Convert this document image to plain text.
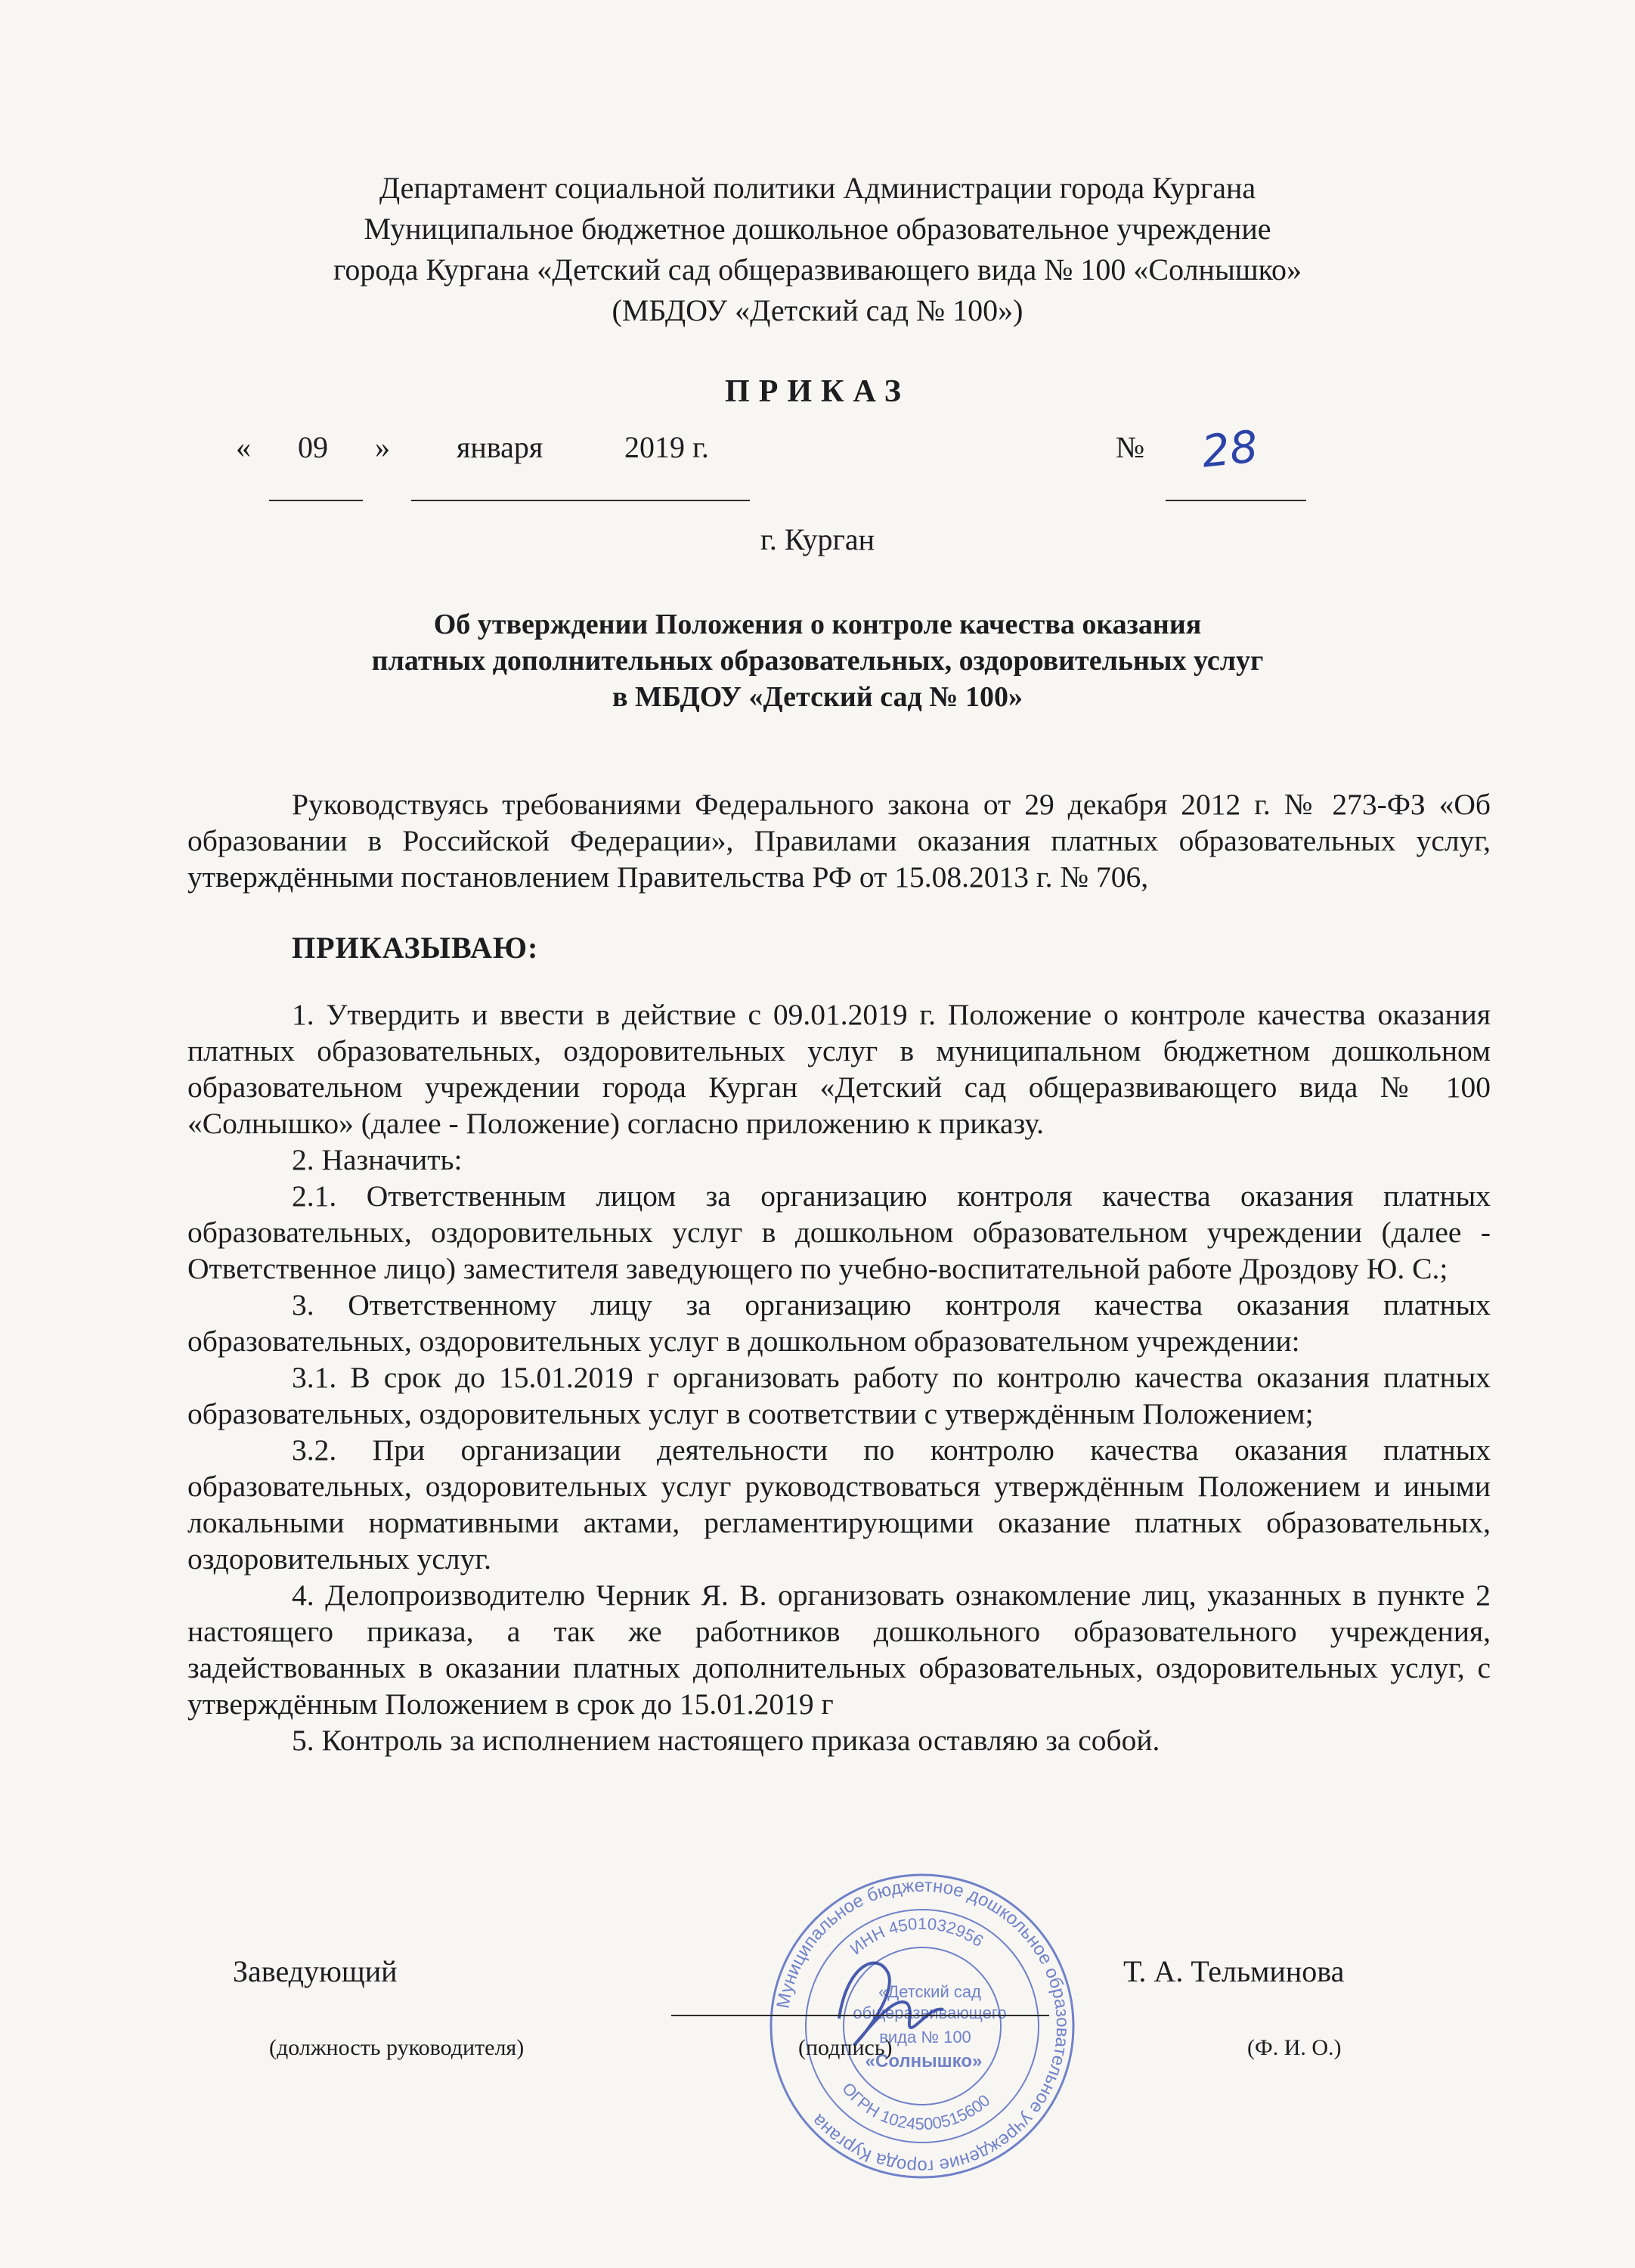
Департамент социальной политики Администрации города Кургана
Муниципальное бюджетное дошкольное образовательное учреждение
города Кургана «Детский сад общеразвивающего вида № 100 «Солнышко»
(МБДОУ «Детский сад № 100»)
ПРИКАЗ
« 09 » января	2019 г.	№ 28
г. Курган
Об утверждении Положения о контроле качества оказания
платных дополнительных образовательных, оздоровительных услуг
в МБДОУ «Детский сад № 100»

Руководствуясь требованиями Федерального закона от 29 декабря 2012 г. № 273-ФЗ «Об образовании в Российской Федерации», Правилами оказания платных образовательных услуг, утверждёнными постановлением Правительства РФ от 15.08.2013 г. № 706,

ПРИКАЗЫВАЮ:

1. Утвердить и ввести в действие с 09.01.2019 г. Положение о контроле качества оказания платных образовательных, оздоровительных услуг в муниципальном бюджетном дошкольном образовательном учреждении города Курган «Детский сад общеразвивающего вида № 100 «Солнышко» (далее - Положение) согласно приложению к приказу.

2. Назначить:

2.1. Ответственным лицом за организацию контроля качества оказания платных образовательных, оздоровительных услуг в дошкольном образовательном учреждении (далее - Ответственное лицо) заместителя заведующего по учебно-воспитательной работе Дроздову Ю. С.;

3. Ответственному лицу за организацию контроля качества оказания платных образовательных, оздоровительных услуг в дошкольном образовательном учреждении:

3.1. В срок до 15.01.2019 г организовать работу по контролю качества оказания платных образовательных, оздоровительных услуг в соответствии с утверждённым Положением;

3.2. При организации деятельности по контролю качества оказания платных образовательных, оздоровительных услуг руководствоваться утверждённым Положением и иными локальными нормативными актами, регламентирующими оказание платных образовательных, оздоровительных услуг.

4. Делопроизводителю Черник Я. В. организовать ознакомление лиц, указанных в пункте 2 настоящего приказа, а так же работников дошкольного образовательного учреждения, задействованных в оказании платных дополнительных образовательных, оздоровительных услуг, с утверждённым Положением в срок до 15.01.2019 г

5. Контроль за исполнением настоящего приказа оставляю за собой.

Муниципальное бюджетное дошкольное образовательное учреждение города Кургана
ИНН 4501032956
ОГРН 1024500515600
«Детский сад
общеразвивающего
вида № 100
«Солнышко»
Заведующий	Т. А. Тельминова
(должность руководителя)	(подпись)	(Ф. И. О.)
